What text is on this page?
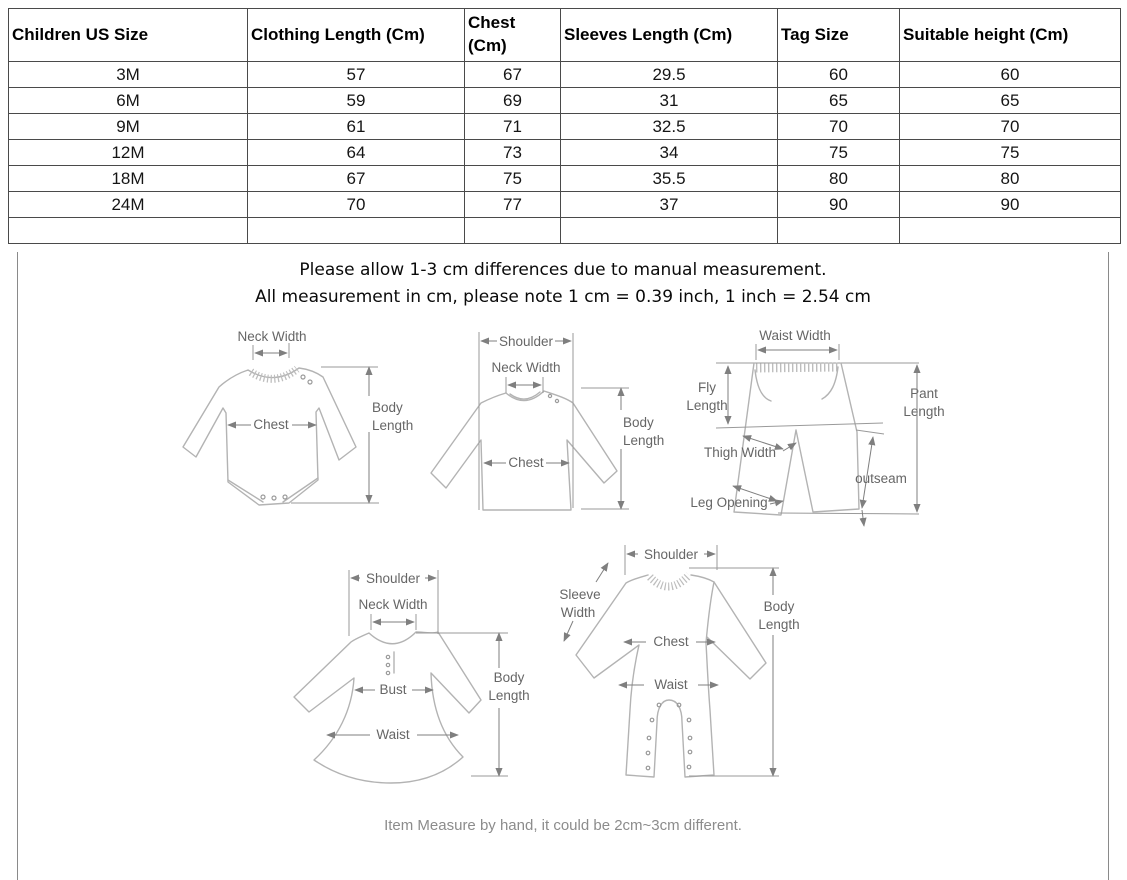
Children US Size	Clothing Length (Cm)	Chest (Cm)	Sleeves Length (Cm)	Tag Size	Suitable height (Cm)
3M	57	67	29.5	60	60
6M	59	69	31	65	65
9M	61	71	32.5	70	70
12M	64	73	34	75	75
18M	67	75	35.5	80	80
24M	70	77	37	90	90

Please allow 1-3 cm differences due to manual measurement.
All measurement in cm, please note 1 cm = 0.39 inch, 1 inch = 2.54 cm
Neck Width
Chest
Body
Length
Shoulder
Neck Width
Chest
Body
Length
Waist Width
Fly
Length
Pant
Length
Thigh Width
outseam
Leg Opening
Shoulder
Neck Width
Bust
Waist
Body
Length
Shoulder
Sleeve
Width
Chest
Waist
Body
Length
Item Measure by hand, it could be 2cm~3cm different.
